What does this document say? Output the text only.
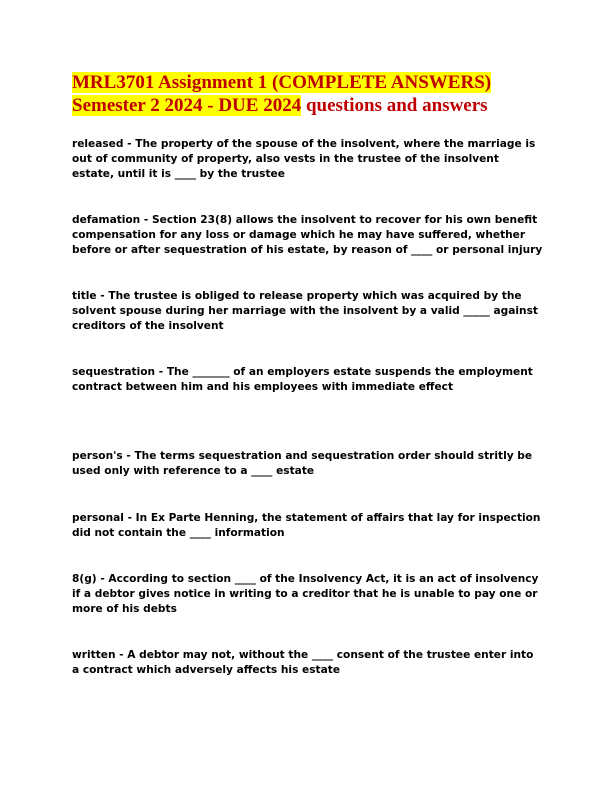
MRL3701 Assignment 1 (COMPLETE ANSWERS)
Semester 2 2024 - DUE 2024 questions and answers

released - The property of the spouse of the insolvent, where the marriage is out of community of property, also vests in the trustee of the insolvent estate, until it is ____ by the trustee

defamation - Section 23(8) allows the insolvent to recover for his own benefit compensation for any loss or damage which he may have suffered, whether before or after sequestration of his estate, by reason of ____ or personal injury

title - The trustee is obliged to release property which was acquired by the solvent spouse during her marriage with the insolvent by a valid _____ against creditors of the insolvent

sequestration - The _______ of an employers estate suspends the employment contract between him and his employees with immediate effect

person's - The terms sequestration and sequestration order should stritly be used only with reference to a ____ estate

personal - In Ex Parte Henning, the statement of affairs that lay for inspection did not contain the ____ information

8(g) - According to section ____ of the Insolvency Act, it is an act of insolvency if a debtor gives notice in writing to a creditor that he is unable to pay one or more of his debts

written - A debtor may not, without the ____ consent of the trustee enter into a contract which adversely affects his estate
